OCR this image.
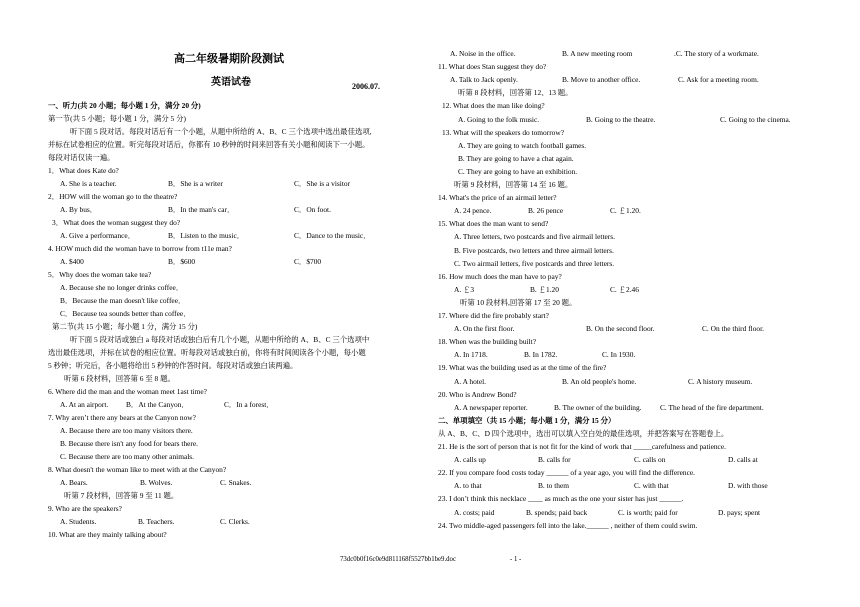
高二年级暑期阶段测试
英语试卷	2006.07.
一、听力(共 20 小题；每小题 1 分，满分 20 分)
第一节(共 5 小题；每小题 1 分，满分 5 分)
听下面 5 段对话。每段对话后有一个小题，从题中所给的 A、B、C 三个选项中选出最佳选项,
并标在试卷相应的位置。听完每段对话后，你都有 10 秒钟的时间来回答有关小题和阅读下一小题。
每段对话仅读一遍。
1．What does Kate do?
A. She is a teacher.	B．She is a writer	C．She is a visitor
2．HOW will the woman go to the theatre?
A. By bus．	B．In the man's car．	C．On foot.
3．What does the woman suggest they do?
A. Give a performance．	B．Listen to the music．	C．Dance to the music．
4. HOW much did the woman have to borrow from t11e man?
A. $400	B．$600	C．$700
5．Why does the woman take tea?
A. Because she no longer drinks coffee．
B．Because the man doesn't like coffee．
C．Because tea sounds better than coffee．
第二节(共 15 小题；每小题 1 分，满分 15 分)
听下面 5 段对话或独白 a 每段对话或独白后有几个小题，从题中所给的 A、B、C 三个选项中
选出最佳选项，并标在试卷的相应位置。听每段对话或独白前，你将有时间阅读各个小题，每小题
5 秒钟；听完后，各小题将给出 5 秒钟的作答时间。每段对话或独白读两遍。
听第 6 段材料，回答第 6 至 8 题。
6. Where did the man and the woman meet 1ast time?
A. At an airport. B．At the Canyon．	C．In a forest．
7. Why aren’t there any bears at the Canyon now?
A. Because there are too many visitors there.
B. Because there isn't any food for bears there.
C. Because there are too many other animals.
8. What doesn't the woman like to meet with at the Canyon?
A. Bears.	B. Wolves.	C. Snakes.
听第 7 段材料，回答第 9 至 11 题。
9. Who are the speakers?
A. Students.	B. Teachers.	C. Clerks.
10. What are they mainly talking about?
A. Noise in the office.	B. A new meeting room	.C. The story of a workmate.
11. What does Stan suggest they do?
A. Talk to Jack openly.	B. Move to another office.	C. Ask for a meeting room.
听第 8 段材料，回答第 12、13 题。
12. What does the man like doing?
A. Going to the folk music.	B. Going to the theatre.	C. Going to the cinema.
13. What will the speakers do tomorrow?
A. They are going to watch football games.
B. They are going to have a chat again.
C. They are going to have an exhibition.
听第 9 段材料，回答第 14 至 16 题。
14. What's the price of an airmail letter?
A. 24 pence.	B. 26 pence	C. ￡1.20.
15. What does the man want to send?
A. Three letters, two postcards and five airmail letters.
B. Five postcards, two letters and three airmail letters.
C. Two airmail letters, five postcards and three letters.
16. How much does the man have to pay?
A. ￡3	B. ￡1.20	C. ￡2.46
听第 10 段材料,回答第 17 至 20 题。
17. Where did the fire probably start?
A. On the first floor.	B. On the second floor.	C. On the third floor.
18. When was the building built?
A. In 1718.	B. In 1782.	C. In 1930.
19. What was the building used as at the time of the fire?
A. A hotel.	B. An old people's home.	C. A history museum.
20. Who is Andrew Bond?
A. A newspaper reporter.	B. The owner of the building. C. The head of the fire department.
二、单项填空（共 15 小题；每小题 1 分，满分 15 分）
从 A、B、C、D 四个选项中，选出可以填入空白处的最佳选项，并把答案写在答题卷上。
21. He is the sort of person that is not fit for the kind of work that _____carefulness and patience.
A. calls up	B. calls for	C. calls on	D. calls at
22. If you compare food costs today ______ of a year ago, you will find the difference.
A. to that	B. to them	C. with that	D. with those
23. I don’t think this necklace ____ as much as the one your sister has just ______.
A. costs; paid	B. spends; paid back	C. is worth; paid for	D. pays; spent
24. Two middle-aged passengers fell into the lake.______ , neither of them could swim.
73dc0b0f16c0e9d811168f5527bb1be9.doc	- 1 -
